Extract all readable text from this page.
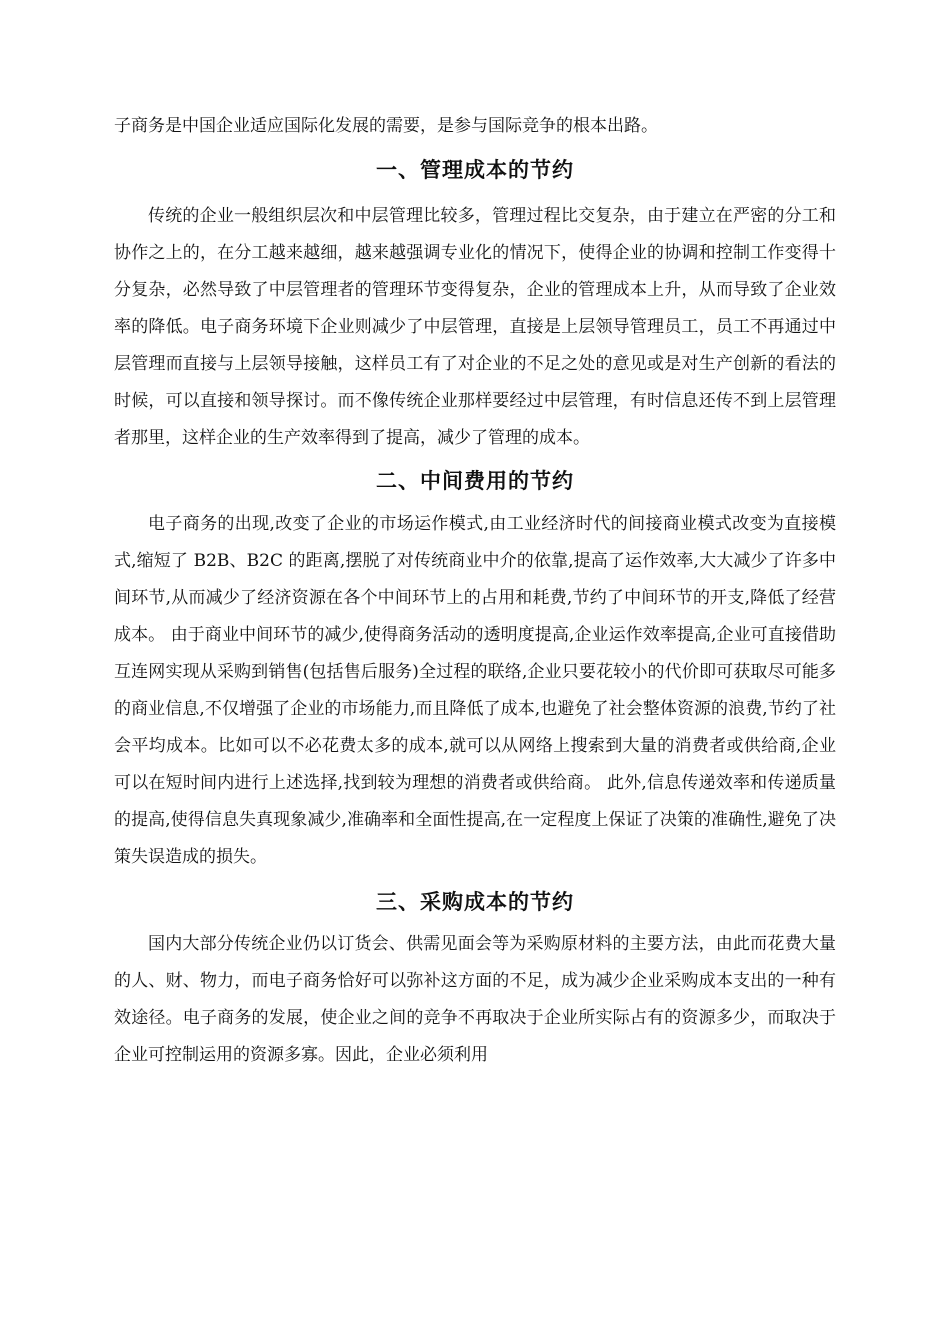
子商务是中国企业适应国际化发展的需要，是参与国际竞争的根本出路。

一、管理成本的节约

传统的企业一般组织层次和中层管理比较多，管理过程比交复杂，由于建立在严密的分工和协作之上的，在分工越来越细，越来越强调专业化的情况下，使得企业的协调和控制工作变得十分复杂，必然导致了中层管理者的管理环节变得复杂，企业的管理成本上升，从而导致了企业效率的降低。电子商务环境下企业则减少了中层管理，直接是上层领导管理员工，员工不再通过中层管理而直接与上层领导接触，这样员工有了对企业的不足之处的意见或是对生产创新的看法的时候，可以直接和领导探讨。而不像传统企业那样要经过中层管理，有时信息还传不到上层管理者那里，这样企业的生产效率得到了提高，减少了管理的成本。

二、中间费用的节约

电子商务的出现,改变了企业的市场运作模式,由工业经济时代的间接商业模式改变为直接模式,缩短了 B2B、B2C 的距离,摆脱了对传统商业中介的依靠,提高了运作效率,大大减少了许多中间环节,从而减少了经济资源在各个中间环节上的占用和耗费,节约了中间环节的开支,降低了经营成本。 由于商业中间环节的减少,使得商务活动的透明度提高,企业运作效率提高,企业可直接借助互连网实现从采购到销售(包括售后服务)全过程的联络,企业只要花较小的代价即可获取尽可能多的商业信息,不仅增强了企业的市场能力,而且降低了成本,也避免了社会整体资源的浪费,节约了社会平均成本。比如可以不必花费太多的成本,就可以从网络上搜索到大量的消费者或供给商,企业可以在短时间内进行上述选择,找到较为理想的消费者或供给商。 此外,信息传递效率和传递质量的提高,使得信息失真现象减少,准确率和全面性提高,在一定程度上保证了决策的准确性,避免了决策失误造成的损失。

三、采购成本的节约

国内大部分传统企业仍以订货会、供需见面会等为采购原材料的主要方法，由此而花费大量的人、财、物力，而电子商务恰好可以弥补这方面的不足，成为减少企业采购成本支出的一种有效途径。电子商务的发展，使企业之间的竞争不再取决于企业所实际占有的资源多少，而取决于企业可控制运用的资源多寡。因此，企业必须利用
